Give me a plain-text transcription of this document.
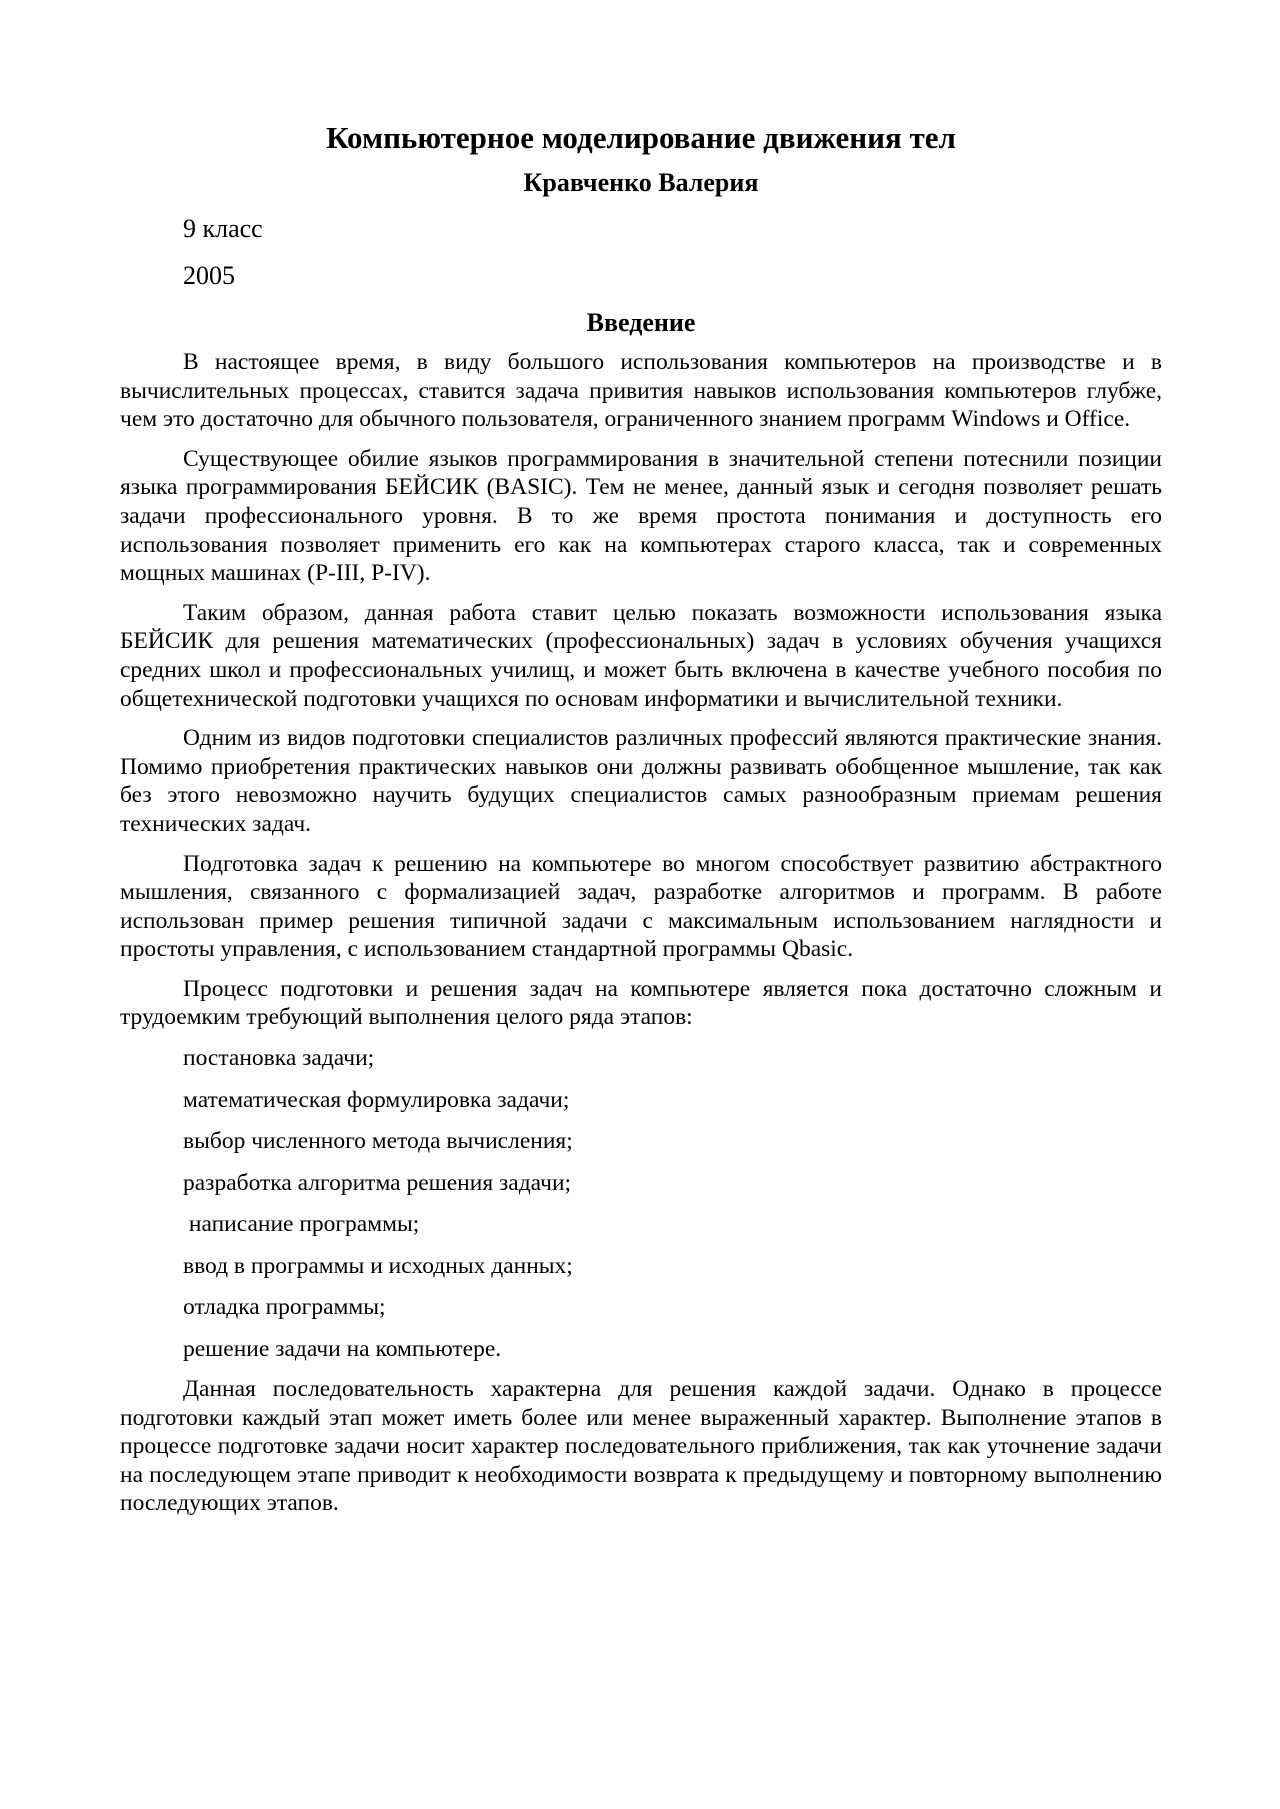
Компьютерное моделирование движения тел
Кравченко Валерия
9 класс
2005
Введение

В настоящее время, в виду большого использования компьютеров на производстве и в вычислительных процессах, ставится задача привития навыков использования компьютеров глубже, чем это достаточно для обычного пользователя, ограниченного знанием программ Windows и Office.

Существующее обилие языков программирования в значительной степени потеснили позиции языка программирования БЕЙСИК (BASIC). Тем не менее, данный язык и сегодня позволяет решать задачи профессионального уровня. В то же время простота понимания и доступность его использования позволяет применить его как на компьютерах старого класса, так и современных мощных машинах (P-III, P-IV).

Таким образом, данная работа ставит целью показать возможности использования языка БЕЙСИК для решения математических (профессиональных) задач в условиях обучения учащихся средних школ и профессиональных училищ, и может быть включена в качестве учебного пособия по общетехнической подготовки учащихся по основам информатики и вычислительной техники.

Одним из видов подготовки специалистов различных профессий являются практические знания. Помимо приобретения практических навыков они должны развивать обобщенное мышление, так как без этого невозможно научить будущих специалистов самых разнообразным приемам решения технических задач.

Подготовка задач к решению на компьютере во многом способствует развитию абстрактного мышления, связанного с формализацией задач, разработке алгоритмов и программ. В работе использован пример решения типичной задачи с максимальным использованием наглядности и простоты управления, с использованием стандартной программы Qbasic.

Процесс подготовки и решения задач на компьютере является пока достаточно сложным и трудоемким требующий выполнения целого ряда этапов:

постановка задачи;
математическая формулировка задачи;
выбор численного метода вычисления;
разработка алгоритма решения задачи;
написание программы;
ввод в программы и исходных данных;
отладка программы;
решение задачи на компьютере.

Данная последовательность характерна для решения каждой задачи. Однако в процессе подготовки каждый этап может иметь более или менее выраженный характер. Выполнение этапов в процессе подготовке задачи носит характер последовательного приближения, так как уточнение задачи на последующем этапе приводит к необходимости возврата к предыдущему и повторному выполнению последующих этапов.
